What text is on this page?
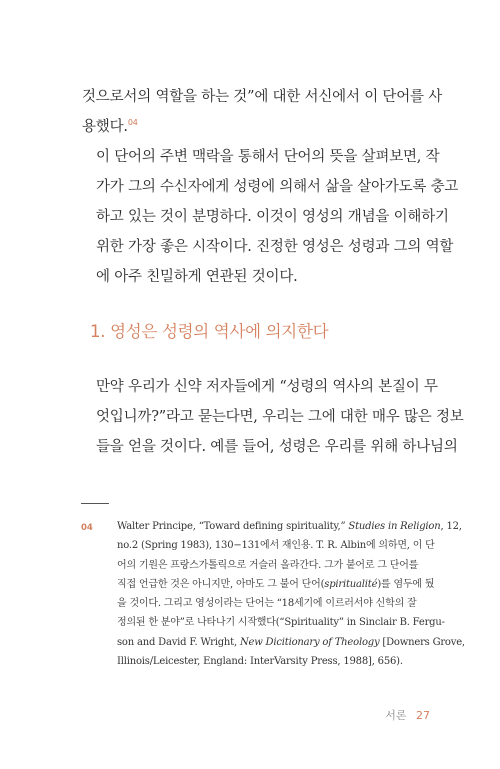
것으로서의 역할을 하는 것”에 대한 서신에서 이 단어를 사
용했다.$^{04}$
이 단어의 주변 맥락을 통해서 단어의 뜻을 살펴보면, 작
가가 그의 수신자에게 성령에 의해서 삶을 살아가도록 충고
하고 있는 것이 분명하다. 이것이 영성의 개념을 이해하기
위한 가장 좋은 시작이다. 진정한 영성은 성령과 그의 역할
에 아주 친밀하게 연관된 것이다.
1. 영성은 성령의 역사에 의지한다
만약 우리가 신약 저자들에게 “성령의 역사의 본질이 무
엇입니까?”라고 묻는다면, 우리는 그에 대한 매우 많은 정보
들을 얻을 것이다. 예를 들어, 성령은 우리를 위해 하나님의
04 Walter Principe, “Toward defining spirituality,” Studies in Religion, 12,
no.2 (Spring 1983), 130−131에서 재인용. T. R. Albin에 의하면, 이 단
어의 기원은 프랑스가톨릭으로 거슬러 올라간다. 그가 붙어로 그 단어를
직접 언급한 것은 아니지만, 아마도 그 불어 단어(spiritualité)를 염두에 뒀
을 것이다. 그리고 영성이라는 단어는 “18세기에 이르러서야 신학의 잘
정의된 한 분야”로 나타나기 시작했다(“Spirituality” in Sinclair B. Fergu-
son and David F. Wright, New Dicitionary of Theology [Downers Grove,
Illinois/Leicester, England: InterVarsity Press, 1988], 656).
서론 27
